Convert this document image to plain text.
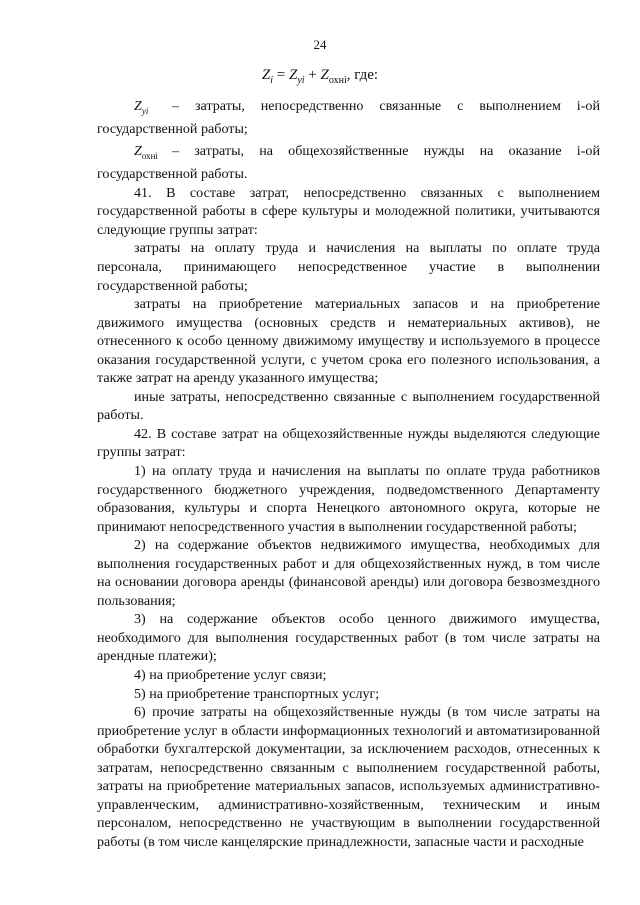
24
$Z_i = Z_{уi} + Z_{охнi}$, где:

$Z_{уi}$ – затраты, непосредственно связанные с выполнением i-ой государственной работы;

$Z_{охнi}$ – затраты, на общехозяйственные нужды на оказание i-ой государственной работы.

41. В составе затрат, непосредственно связанных с выполнением государственной работы в сфере культуры и молодежной политики, учитываются следующие группы затрат:

затраты на оплату труда и начисления на выплаты по оплате труда персонала, принимающего непосредственное участие в выполнении государственной работы;

затраты на приобретение материальных запасов и на приобретение движимого имущества (основных средств и нематериальных активов), не отнесенного к особо ценному движимому имуществу и используемого в процессе оказания государственной услуги, с учетом срока его полезного использования, а также затрат на аренду указанного имущества;

иные затраты, непосредственно связанные с выполнением государственной работы.

42. В составе затрат на общехозяйственные нужды выделяются следующие группы затрат:

1) на оплату труда и начисления на выплаты по оплате труда работников государственного бюджетного учреждения, подведомственного Департаменту образования, культуры и спорта Ненецкого автономного округа, которые не принимают непосредственного участия в выполнении государственной работы;

2) на содержание объектов недвижимого имущества, необходимых для выполнения государственных работ и для общехозяйственных нужд, в том числе на основании договора аренды (финансовой аренды) или договора безвозмездного пользования;

3) на содержание объектов особо ценного движимого имущества, необходимого для выполнения государственных работ (в том числе затраты на арендные платежи);

4) на приобретение услуг связи;

5) на приобретение транспортных услуг;

6) прочие затраты на общехозяйственные нужды (в том числе затраты на приобретение услуг в области информационных технологий и автоматизированной обработки бухгалтерской документации, за исключением расходов, отнесенных к затратам, непосредственно связанным с выполнением государственной работы, затраты на приобретение материальных запасов, используемых административно-управленческим, административно-хозяйственным, техническим и иным персоналом, непосредственно не участвующим в выполнении государственной работы (в том числе канцелярские принадлежности, запасные части и расходные
